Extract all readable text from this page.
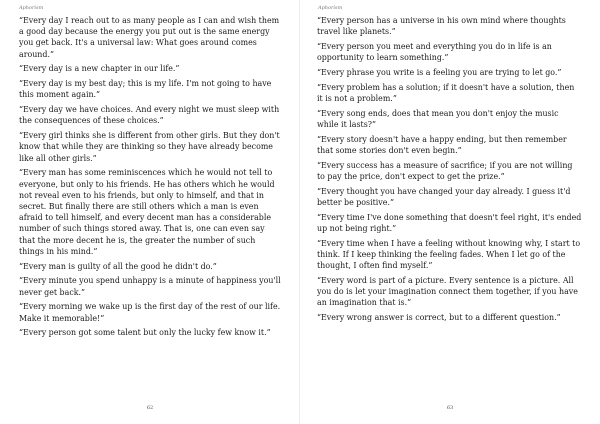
Aphorism

“Every day I reach out to as many people as I can and wish them a good day because the energy you put out is the same energy you get back. It's a universal law: What goes around comes around.”

“Every day is a new chapter in our life.”

“Every day is my best day; this is my life. I'm not going to have this moment again.”

“Every day we have choices. And every night we must sleep with the consequences of these choices.”

“Every girl thinks she is different from other girls. But they don't know that while they are thinking so they have already become like all other girls.”

“Every man has some reminiscences which he would not tell to everyone, but only to his friends. He has others which he would not reveal even to his friends, but only to himself, and that in secret. But finally there are still others which a man is even afraid to tell himself, and every decent man has a considerable number of such things stored away. That is, one can even say that the more decent he is, the greater the number of such things in his mind.”

“Every man is guilty of all the good he didn't do.”

“Every minute you spend unhappy is a minute of happiness you'll never get back.”

“Every morning we wake up is the first day of the rest of our life. Make it memorable!”

“Every person got some talent but only the lucky few know it.”

62
Aphorism

“Every person has a universe in his own mind where thoughts travel like planets.”

“Every person you meet and everything you do in life is an opportunity to learn something.”

“Every phrase you write is a feeling you are trying to let go.”

“Every problem has a solution; if it doesn't have a solution, then it is not a problem.”

“Every song ends, does that mean you don't enjoy the music while it lasts?”

“Every story doesn't have a happy ending, but then remember that some stories don't even begin.”

“Every success has a measure of sacrifice; if you are not willing to pay the price, don't expect to get the prize.”

“Every thought you have changed your day already. I guess it'd better be positive.”

“Every time I've done something that doesn't feel right, it's ended up not being right.”

“Every time when I have a feeling without knowing why, I start to think. If I keep thinking the feeling fades. When I let go of the thought, I often find myself.”

“Every word is part of a picture. Every sentence is a picture. All you do is let your imagination connect them together, if you have an imagination that is.”

“Every wrong answer is correct, but to a different question.”

63
